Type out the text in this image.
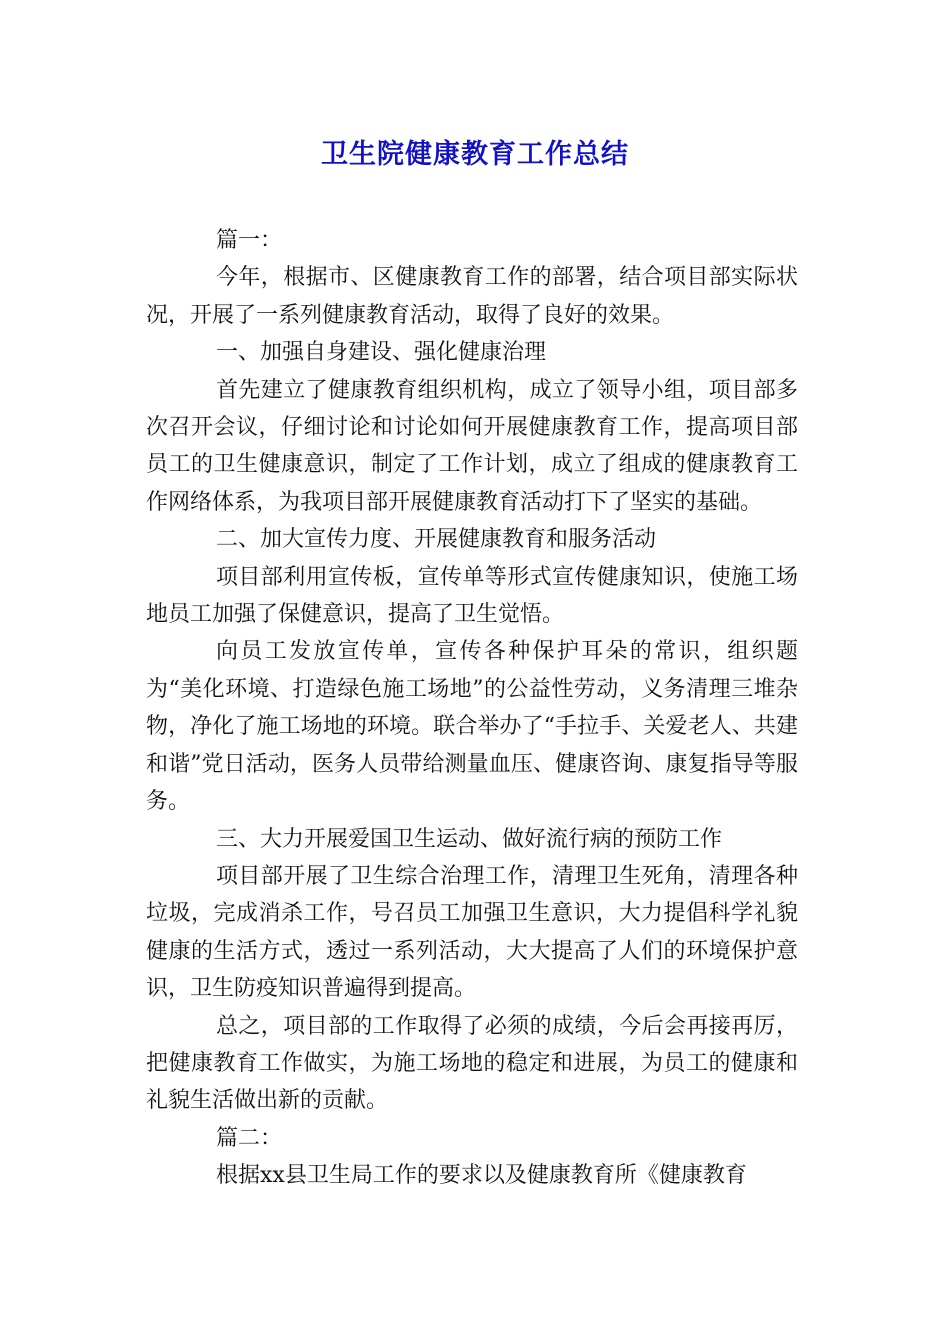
卫生院健康教育工作总结

篇一：

今年，根据市、区健康教育工作的部署，结合项目部实际状况，开展了一系列健康教育活动，取得了良好的效果。

一、加强自身建设、强化健康治理

首先建立了健康教育组织机构，成立了领导小组，项目部多次召开会议，仔细讨论和讨论如何开展健康教育工作，提高项目部员工的卫生健康意识，制定了工作计划，成立了组成的健康教育工作网络体系，为我项目部开展健康教育活动打下了坚实的基础。

二、加大宣传力度、开展健康教育和服务活动

项目部利用宣传板，宣传单等形式宣传健康知识，使施工场地员工加强了保健意识，提高了卫生觉悟。

向员工发放宣传单，宣传各种保护耳朵的常识，组织题为“美化环境、打造绿色施工场地”的公益性劳动，义务清理三堆杂物，净化了施工场地的环境。联合举办了“手拉手、关爱老人、共建和谐”党日活动，医务人员带给测量血压、健康咨询、康复指导等服务。

三、大力开展爱国卫生运动、做好流行病的预防工作

项目部开展了卫生综合治理工作，清理卫生死角，清理各种垃圾，完成消杀工作，号召员工加强卫生意识，大力提倡科学礼貌健康的生活方式，透过一系列活动，大大提高了人们的环境保护意识，卫生防疫知识普遍得到提高。

总之，项目部的工作取得了必须的成绩，今后会再接再厉，把健康教育工作做实，为施工场地的稳定和进展，为员工的健康和礼貌生活做出新的贡献。

篇二：

根据xx县卫生局工作的要求以及健康教育所《健康教育
